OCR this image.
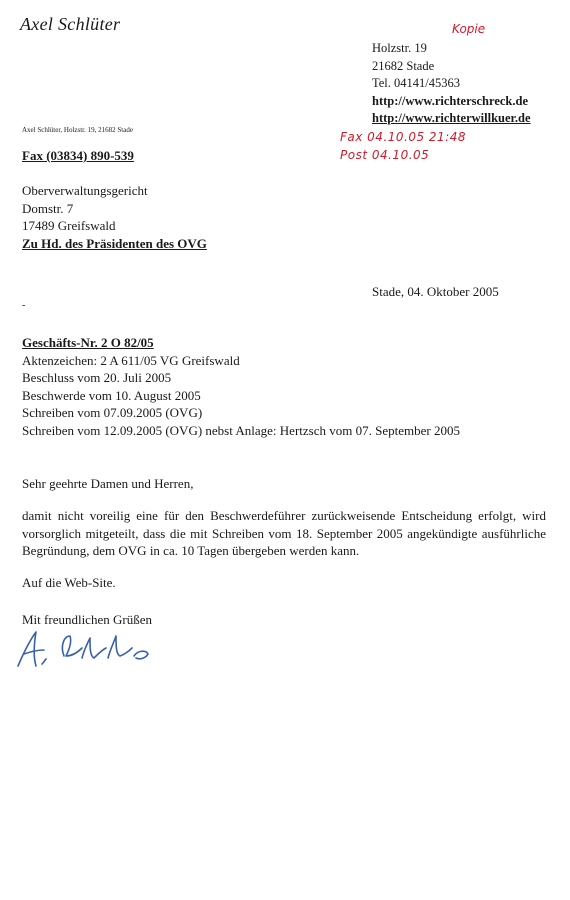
Axel Schlüter
Holzstr. 19
21682 Stade
Tel. 04141/45363
http://www.richterschreck.de
http://www.richterwillkuer.de
Kopie
Fax 04.10.05 21:48
Post 04.10.05
Axel Schlüter, Holzstr. 19, 21682 Stade
Fax (03834) 890-539
Oberverwaltungsgericht
Domstr. 7
17489 Greifswald
Zu Hd. des Präsidenten des OVG
Stade, 04. Oktober 2005
-
Geschäfts-Nr. 2 O 82/05
Aktenzeichen: 2 A 611/05 VG Greifswald
Beschluss vom 20. Juli 2005
Beschwerde vom 10. August 2005
Schreiben vom 07.09.2005 (OVG)
Schreiben vom 12.09.2005 (OVG) nebst Anlage: Hertzsch vom 07. September 2005
Sehr geehrte Damen und Herren,
damit nicht voreilig eine für den Beschwerdeführer zurückweisende Entscheidung erfolgt, wird vorsorglich mitgeteilt, dass die mit Schreiben vom 18. September 2005 angekündigte ausführliche Begründung, dem OVG in ca. 10 Tagen übergeben werden kann.
Auf die Web-Site.
Mit freundlichen Grüßen
